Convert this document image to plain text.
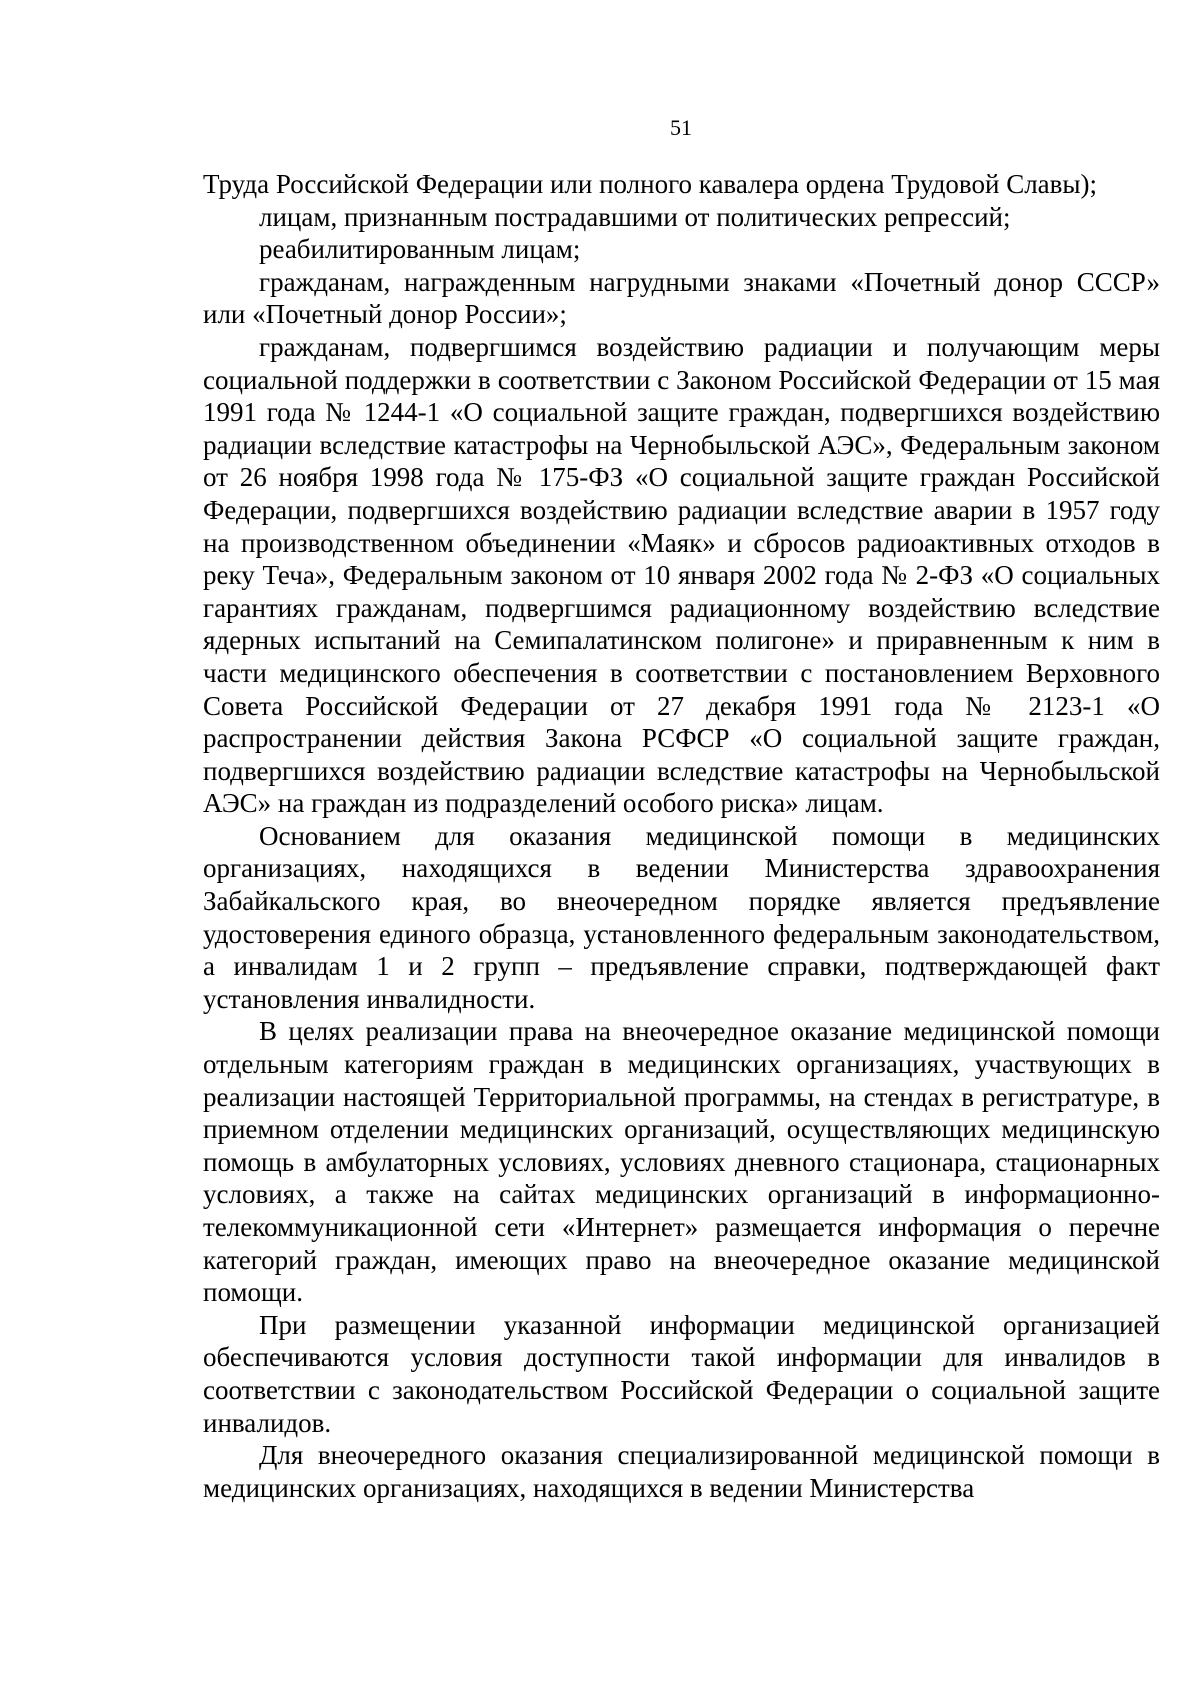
51

Труда Российской Федерации или полного кавалера ордена Трудовой Славы);

лицам, признанным пострадавшими от политических репрессий;

реабилитированным лицам;

гражданам, награжденным нагрудными знаками «Почетный донор СССР» или «Почетный донор России»;

гражданам, подвергшимся воздействию радиации и получающим меры социальной поддержки в соответствии с Законом Российской Федерации от 15 мая 1991 года № 1244-1 «О социальной защите граждан, подвергшихся воздействию радиации вследствие катастрофы на Чернобыльской АЭС», Федеральным законом от 26 ноября 1998 года № 175-ФЗ «О социальной защите граждан Российской Федерации, подвергшихся воздействию радиации вследствие аварии в 1957 году на производственном объединении «Маяк» и сбросов радиоактивных отходов в реку Теча», Федеральным законом от 10 января 2002 года № 2-ФЗ «О социальных гарантиях гражданам, подвергшимся радиационному воздействию вследствие ядерных испытаний на Семипалатинском полигоне» и приравненным к ним в части медицинского обеспечения в соответствии с постановлением Верховного Совета Российской Федерации от 27 декабря 1991 года № 2123-1 «О распространении действия Закона РСФСР «О социальной защите граждан, подвергшихся воздействию радиации вследствие катастрофы на Чернобыльской АЭС» на граждан из подразделений особого риска» лицам.

Основанием для оказания медицинской помощи в медицинских организациях, находящихся в ведении Министерства здравоохранения Забайкальского края, во внеочередном порядке является предъявление удостоверения единого образца, установленного федеральным законодательством, а инвалидам 1 и 2 групп – предъявление справки, подтверждающей факт установления инвалидности.

В целях реализации права на внеочередное оказание медицинской помощи отдельным категориям граждан в медицинских организациях, участвующих в реализации настоящей Территориальной программы, на стендах в регистратуре, в приемном отделении медицинских организаций, осуществляющих медицинскую помощь в амбулаторных условиях, условиях дневного стационара, стационарных условиях, а также на сайтах медицинских организаций в информационно-телекоммуникационной сети «Интернет» размещается информация о перечне категорий граждан, имеющих право на внеочередное оказание медицинской помощи.

При размещении указанной информации медицинской организацией обеспечиваются условия доступности такой информации для инвалидов в соответствии с законодательством Российской Федерации о социальной защите инвалидов.

Для внеочередного оказания специализированной медицинской помощи в медицинских организациях, находящихся в ведении Министерства
